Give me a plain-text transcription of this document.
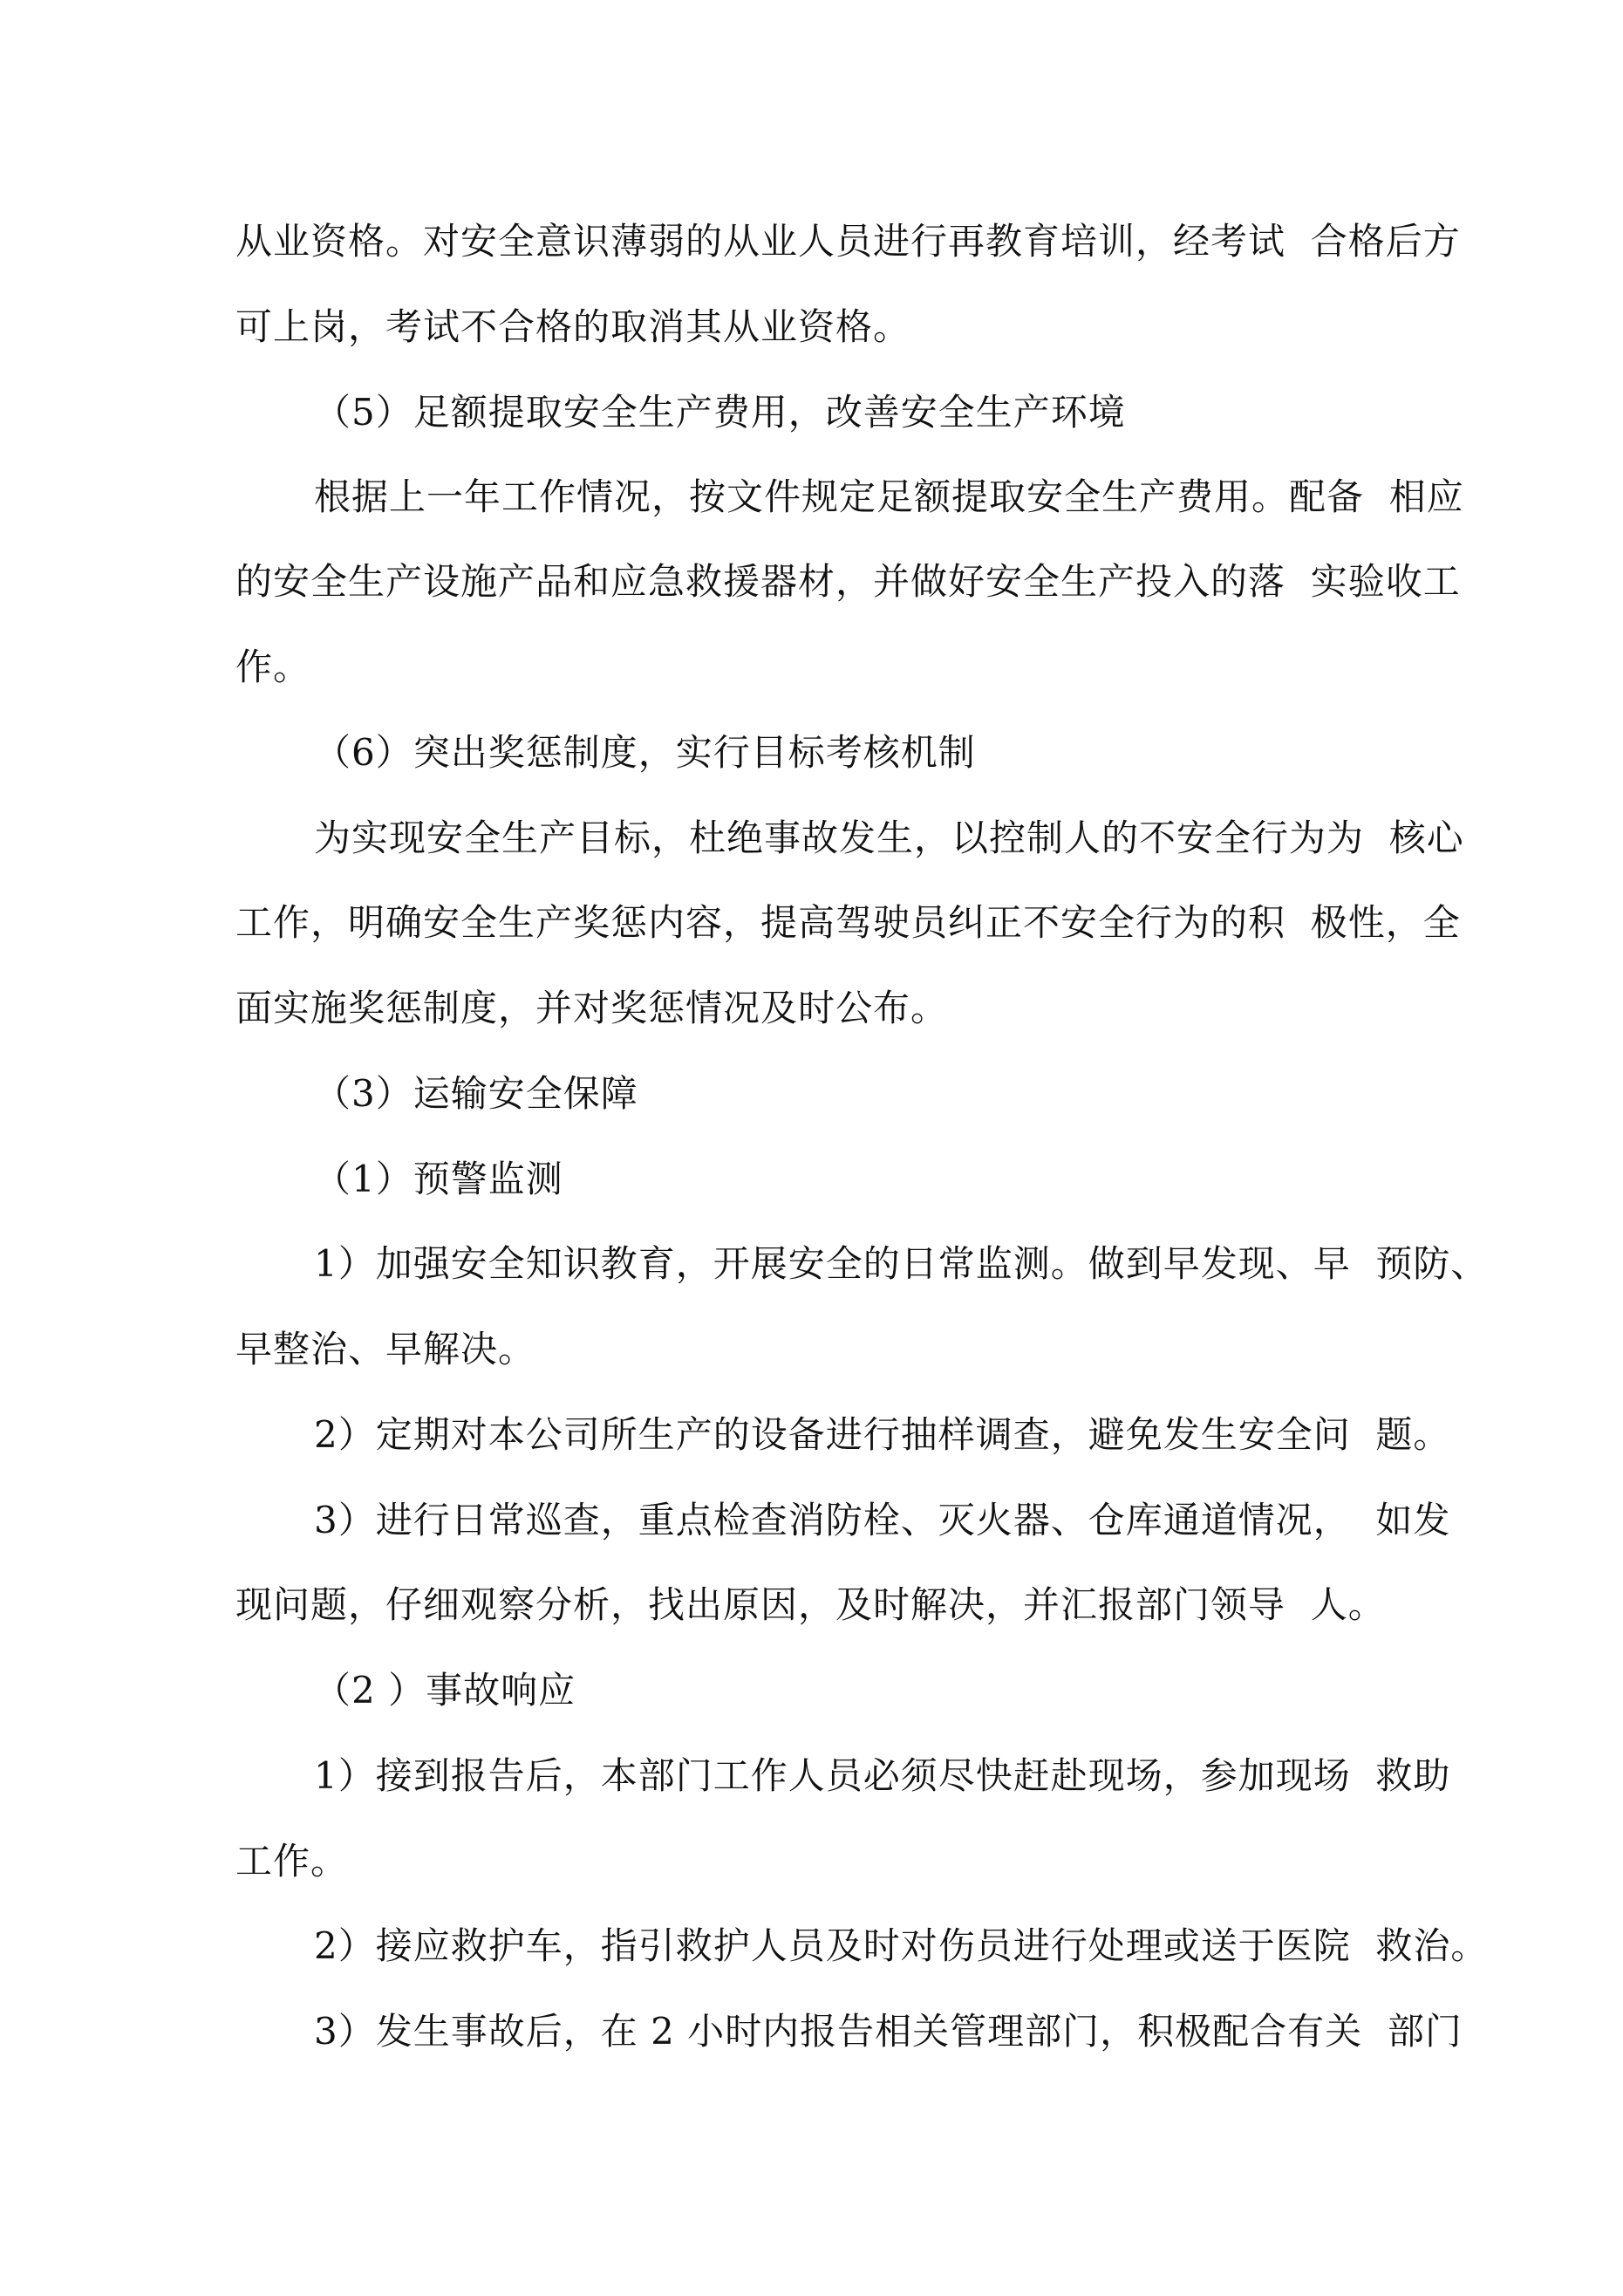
从业资格。对安全意识薄弱的从业人员进行再教育培训，经考试  合格后方
可上岗，考试不合格的取消其从业资格。
（5）足额提取安全生产费用，改善安全生产环境
根据上一年工作情况，按文件规定足额提取安全生产费用。配备  相应
的安全生产设施产品和应急救援器材，并做好安全生产投入的落  实验收工
作。
（6）突出奖惩制度，实行目标考核机制
为实现安全生产目标，杜绝事故发生，以控制人的不安全行为为  核心
工作，明确安全生产奖惩内容，提高驾驶员纠正不安全行为的积  极性，全
面实施奖惩制度，并对奖惩情况及时公布。
（3）运输安全保障
（1）预警监测
1）加强安全知识教育，开展安全的日常监测。做到早发现、早  预防、
早整治、早解决。
2）定期对本公司所生产的设备进行抽样调查，避免发生安全问  题。
3）进行日常巡查，重点检查消防栓、灭火器、仓库通道情况，  如发
现问题，仔细观察分析，找出原因，及时解决，并汇报部门领导  人。
（2 ）事故响应
1）接到报告后，本部门工作人员必须尽快赶赴现场，参加现场  救助
工作。
2）接应救护车，指引救护人员及时对伤员进行处理或送于医院  救治。
3）发生事故后，在 2 小时内报告相关管理部门，积极配合有关  部门
